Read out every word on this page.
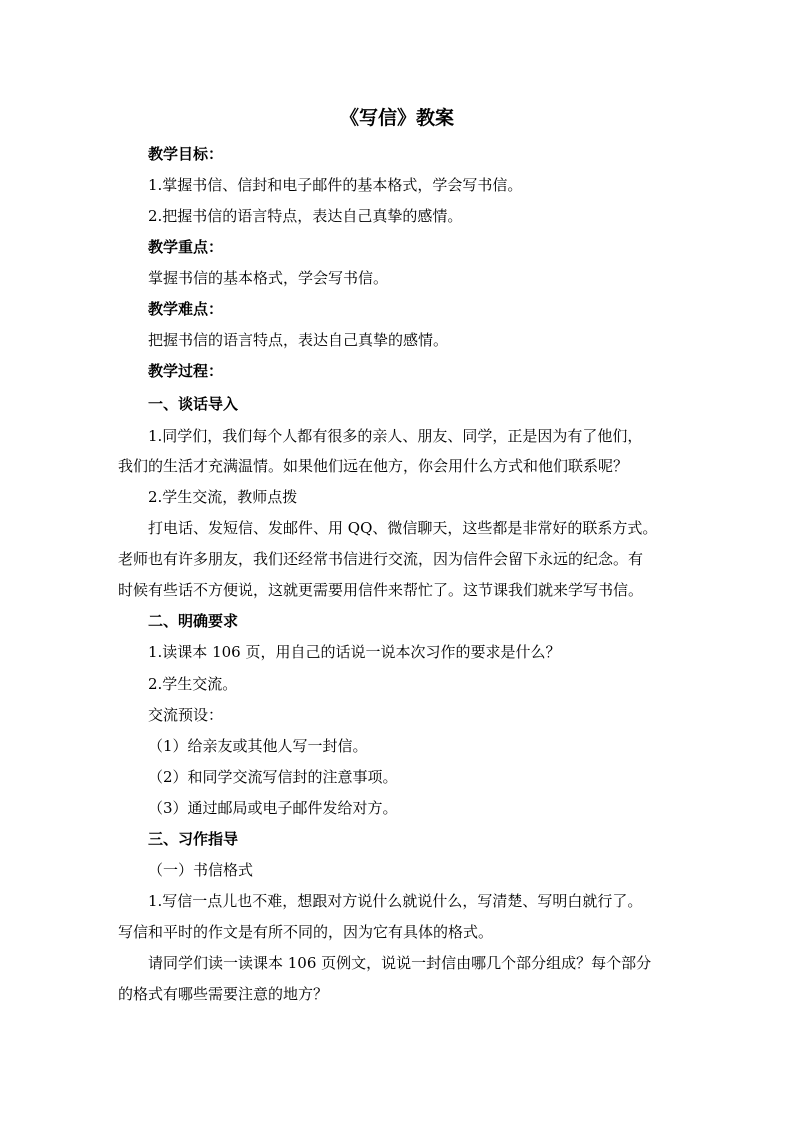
《写信》教案
教学目标：
1.掌握书信、信封和电子邮件的基本格式，学会写书信。
2.把握书信的语言特点，表达自己真挚的感情。
教学重点：
掌握书信的基本格式，学会写书信。
教学难点：
把握书信的语言特点，表达自己真挚的感情。
教学过程：
一、谈话导入
1.同学们，我们每个人都有很多的亲人、朋友、同学，正是因为有了他们，
我们的生活才充满温情。如果他们远在他方，你会用什么方式和他们联系呢？
2.学生交流，教师点拨
打电话、发短信、发邮件、用 QQ、微信聊天，这些都是非常好的联系方式。
老师也有许多朋友，我们还经常书信进行交流，因为信件会留下永远的纪念。有
时候有些话不方便说，这就更需要用信件来帮忙了。这节课我们就来学写书信。
二、明确要求
1.读课本 106 页，用自己的话说一说本次习作的要求是什么？
2.学生交流。
交流预设：
（1）给亲友或其他人写一封信。
（2）和同学交流写信封的注意事项。
（3）通过邮局或电子邮件发给对方。
三、习作指导
（一）书信格式
1.写信一点儿也不难，想跟对方说什么就说什么，写清楚、写明白就行了。
写信和平时的作文是有所不同的，因为它有具体的格式。
请同学们读一读课本 106 页例文，说说一封信由哪几个部分组成？每个部分
的格式有哪些需要注意的地方？
